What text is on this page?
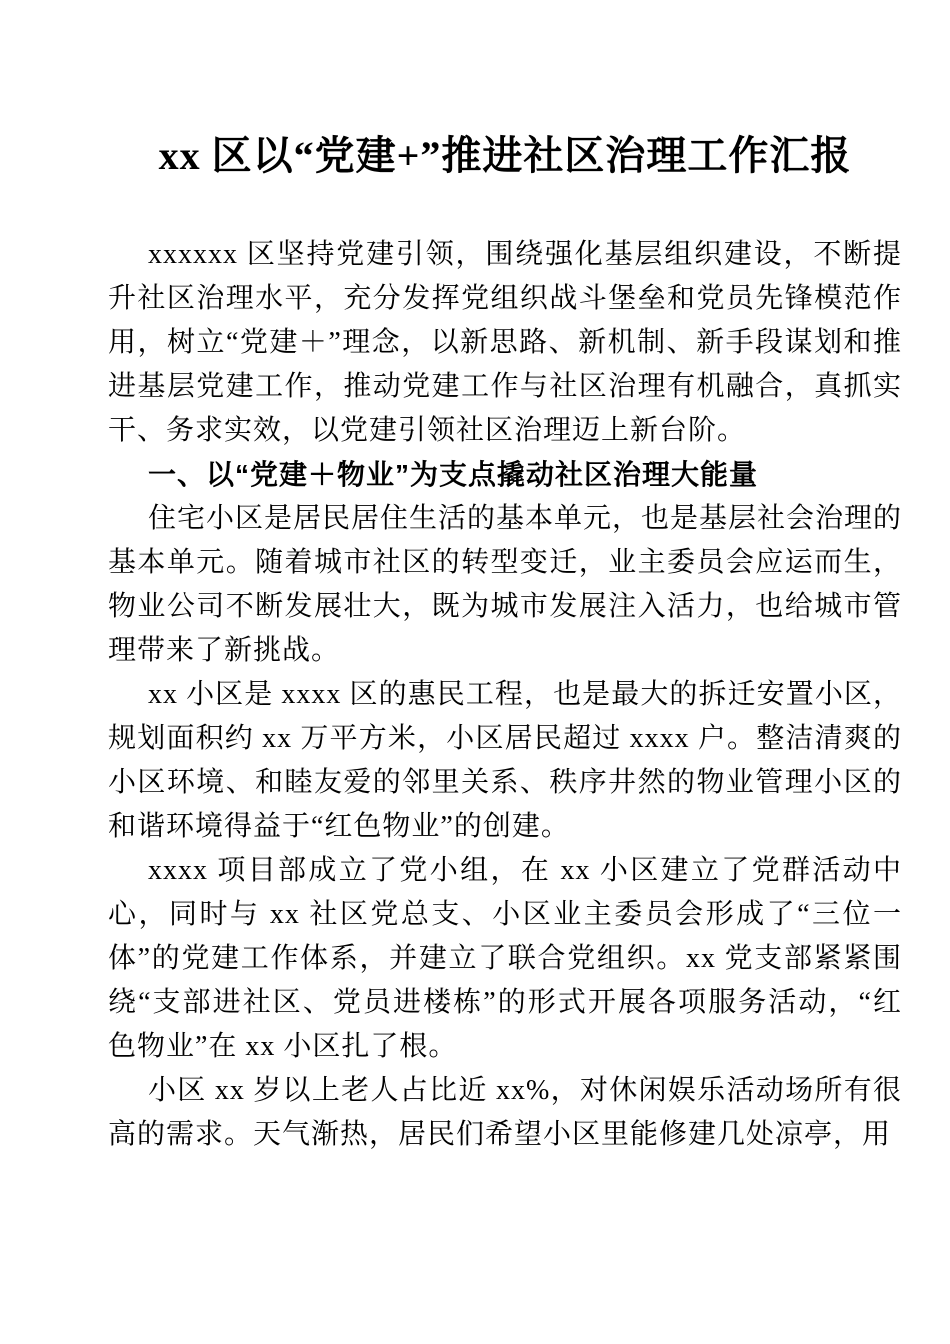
xx 区以“党建+”推进社区治理工作汇报

xxxxxx 区坚持党建引领，围绕强化基层组织建设，不断提升社区治理水平，充分发挥党组织战斗堡垒和党员先锋模范作用，树立“党建＋”理念，以新思路、新机制、新手段谋划和推进基层党建工作，推动党建工作与社区治理有机融合，真抓实干、务求实效，以党建引领社区治理迈上新台阶。

一、以“党建＋物业”为支点撬动社区治理大能量

住宅小区是居民居住生活的基本单元，也是基层社会治理的基本单元。随着城市社区的转型变迁，业主委员会应运而生，物业公司不断发展壮大，既为城市发展注入活力，也给城市管理带来了新挑战。

xx 小区是 xxxx 区的惠民工程，也是最大的拆迁安置小区，规划面积约 xx 万平方米，小区居民超过 xxxx 户。整洁清爽的小区环境、和睦友爱的邻里关系、秩序井然的物业管理小区的和谐环境得益于“红色物业”的创建。

xxxx 项目部成立了党小组，在 xx 小区建立了党群活动中心，同时与 xx 社区党总支、小区业主委员会形成了“三位一体”的党建工作体系，并建立了联合党组织。xx 党支部紧紧围绕“支部进社区、党员进楼栋”的形式开展各项服务活动，“红色物业”在 xx 小区扎了根。

小区 xx 岁以上老人占比近 xx%，对休闲娱乐活动场所有很高的需求。天气渐热，居民们希望小区里能修建几处凉亭，用
